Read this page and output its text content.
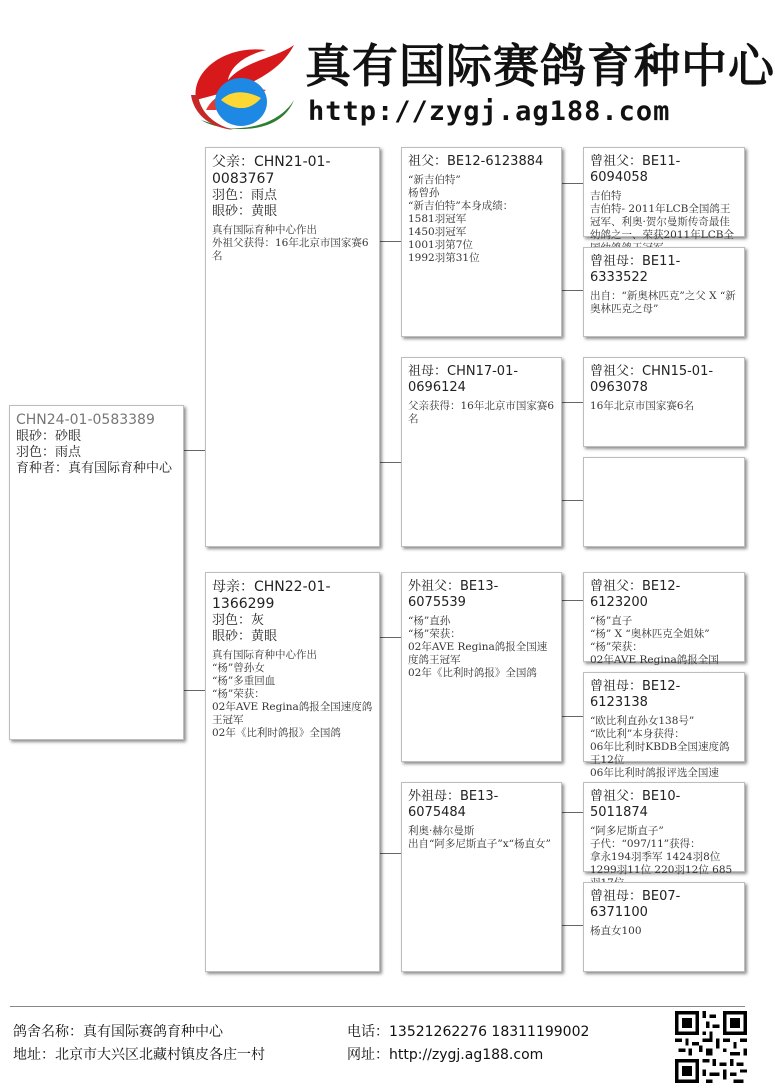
真有国际赛鸽育种中心
http://zygj.ag188.com
CHN24-01-0583389
眼砂：砂眼
羽色：雨点
育种者：真有国际育种中心
父亲：CHN21-01-0083767
羽色：雨点
眼砂：黄眼
真有国际育种中心作出
外祖父获得：16年北京市国家赛6名
母亲：CHN22-01-1366299
羽色：灰
眼砂：黄眼
真有国际育种中心作出
“杨”曾孙女
“杨”多重回血
“杨”荣获：
02年AVE Regina鸽报全国速度鸽王冠军
02年《比利时鸽报》全国鸽
祖父：BE12-6123884
“新吉伯特”
杨曾孙
“新吉伯特”本身成绩：
1581羽冠军
1450羽冠军
1001羽第7位
1992羽第31位
祖母：CHN17-01-0696124
父亲获得：16年北京市国家赛6名
外祖父：BE13-6075539
“杨”直孙
“杨”荣获：
02年AVE Regina鸽报全国速度鸽王冠军
02年《比利时鸽报》全国鸽
外祖母：BE13-6075484
利奥·赫尔曼斯
出自“阿多尼斯直子”x“杨直女”
曾祖父：BE11-6094058
吉伯特
吉伯特- 2011年LCB全国鸽王冠军、利奥·贺尔曼斯传奇最佳幼鸽之一、荣获2011年LCB全
曾祖母：BE11-6333522
出自：“新奥林匹克”之父 X “新奥林匹克之母”
曾祖父：CHN15-01-0963078
16年北京市国家赛6名
曾祖父：BE12-6123200
“杨”直子
“杨” X “奥林匹克全姐妹”
“杨”荣获：
02年AVE Regina鸽报全国
曾祖母：BE12-6123138
“欧比利直孙女138号”
“欧比利”本身获得：
06年比利时KBDB全国速度鸽王12位
06年比利时鸽报评选全国速
曾祖父：BE10-5011874
“阿多尼斯直子”
子代：“097/11”获得：
拿永194羽季军 1424羽8位 1299羽11位 220羽12位 685
曾祖母：BE07-6371100
杨直女100
鸽舍名称：真有国际赛鸽育种中心
地址：北京市大兴区北藏村镇皮各庄一村
电话：13521262276 18311199002
网址：http://zygj.ag188.com
